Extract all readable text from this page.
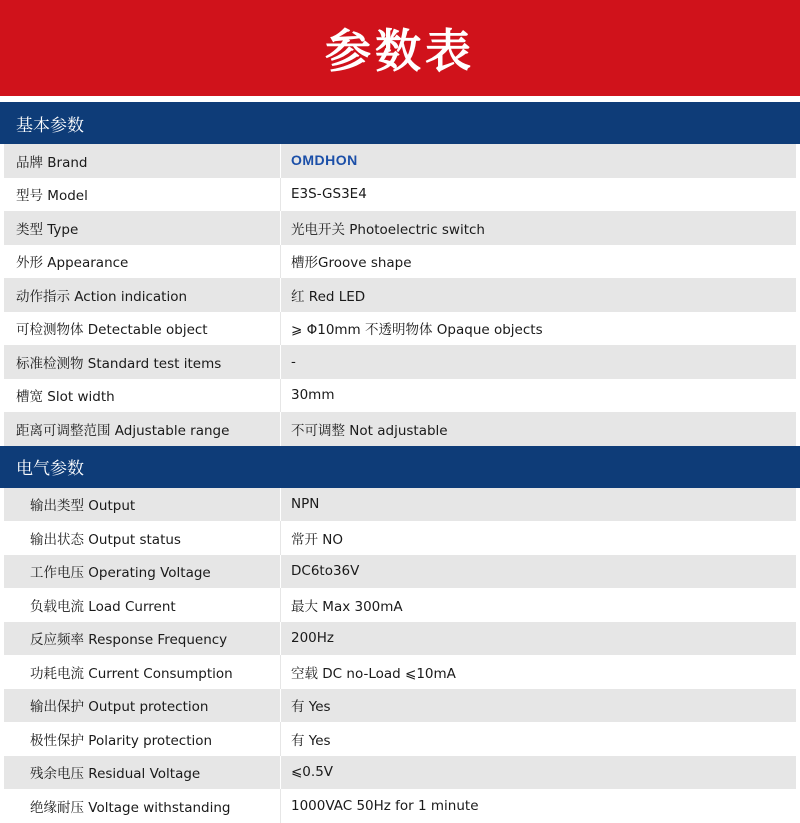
参数表
基本参数
品牌 Brand	OMDHON
型号 Model	E3S-GS3E4
类型 Type	光电开关 Photoelectric switch
外形 Appearance	槽形Groove shape
动作指示 Action indication	红 Red LED
可检测物体 Detectable object	⩾ Φ10mm 不透明物体 Opaque objects
标准检测物 Standard test items	-
槽宽 Slot width	30mm
距离可调整范围 Adjustable range	不可调整 Not adjustable
电气参数
输出类型 Output	NPN
输出状态 Output status	常开 NO
工作电压 Operating Voltage	DC6to36V
负载电流 Load Current	最大 Max 300mA
反应频率 Response Frequency	200Hz
功耗电流 Current Consumption	空载 DC no-Load ⩽10mA
输出保护 Output protection	有 Yes
极性保护 Polarity protection	有 Yes
残余电压 Residual Voltage	⩽0.5V
绝缘耐压 Voltage withstanding	1000VAC 50Hz for 1 minute
